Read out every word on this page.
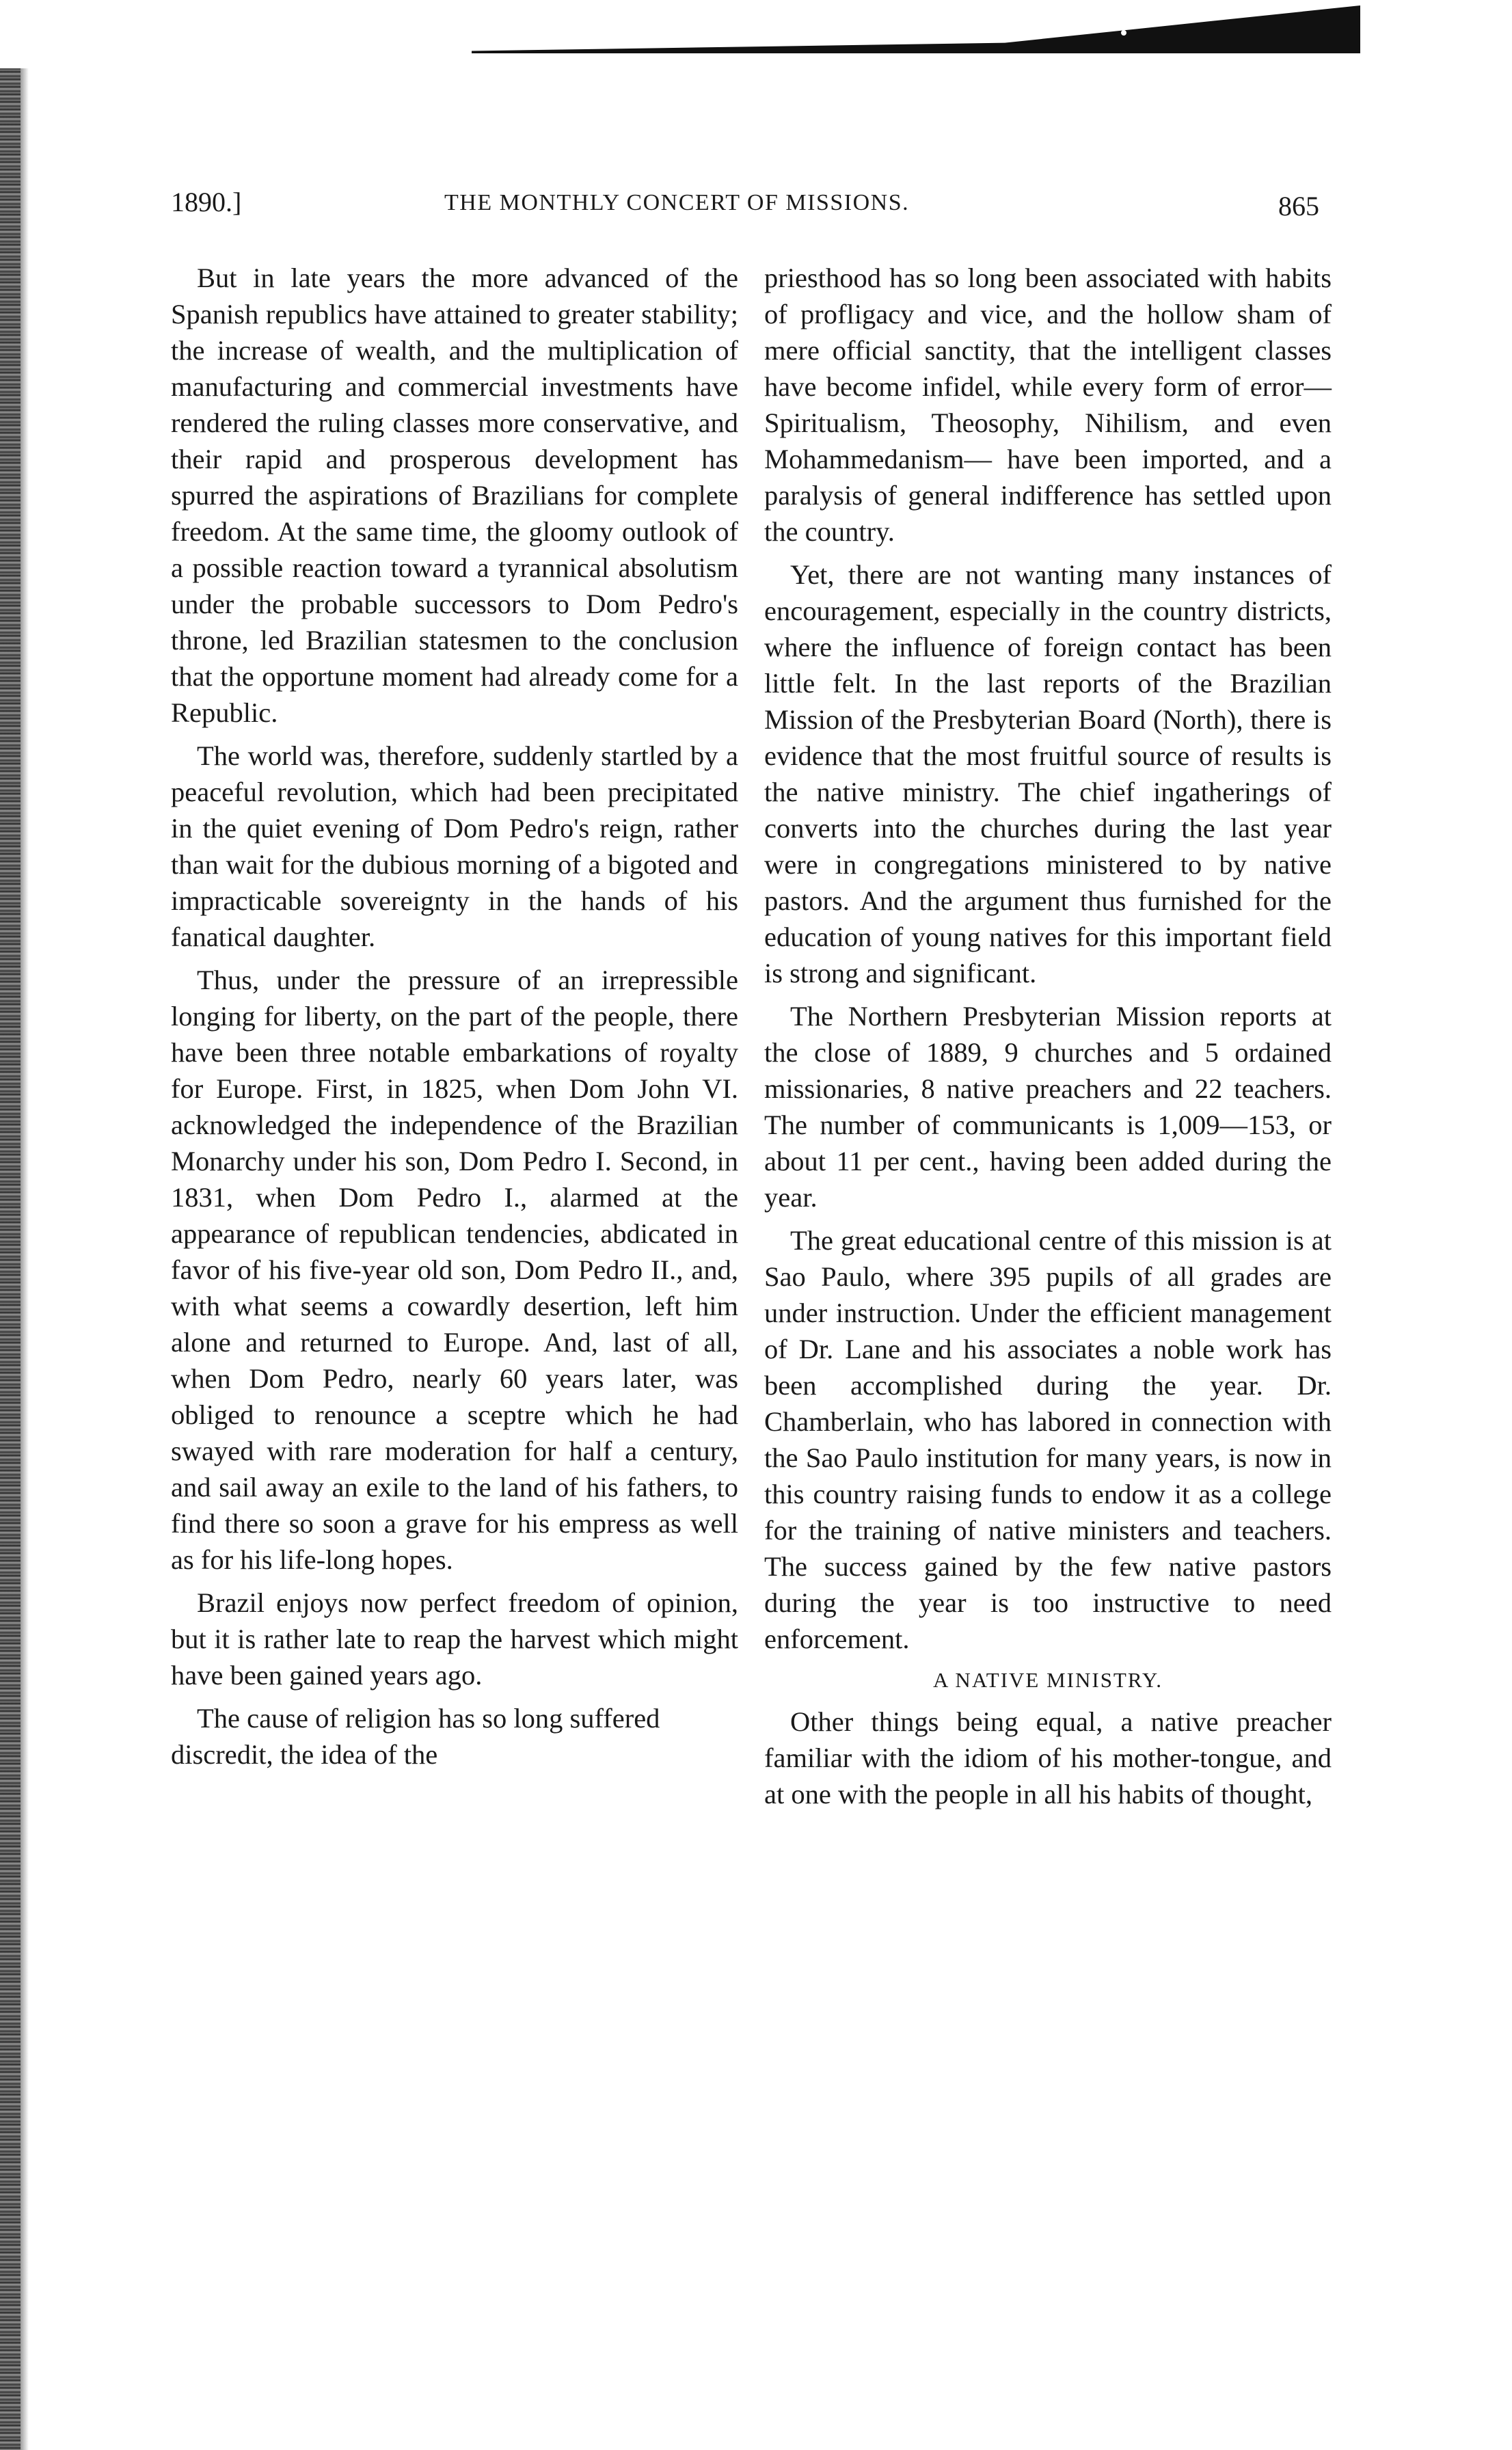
1890.]	THE MONTHLY CONCERT OF MISSIONS.	865

But in late years the more advanced of the Spanish republics have attained to greater stability; the increase of wealth, and the multiplication of manufacturing and commercial investments have rendered the ruling classes more conservative, and their rapid and prosperous development has spurred the aspirations of Brazilians for complete freedom. At the same time, the gloomy outlook of a possible reaction toward a tyrannical absolutism under the probable successors to Dom Pedro's throne, led Brazilian statesmen to the conclusion that the opportune moment had already come for a Republic.

The world was, therefore, suddenly startled by a peaceful revolution, which had been precipitated in the quiet evening of Dom Pedro's reign, rather than wait for the dubious morning of a bigoted and impracticable sovereignty in the hands of his fanatical daughter.

Thus, under the pressure of an irrepressible longing for liberty, on the part of the people, there have been three notable embarkations of royalty for Europe. First, in 1825, when Dom John VI. acknowledged the independence of the Brazilian Monarchy under his son, Dom Pedro I. Second, in 1831, when Dom Pedro I., alarmed at the appearance of republican tendencies, abdicated in favor of his five-year old son, Dom Pedro II., and, with what seems a cowardly desertion, left him alone and returned to Europe. And, last of all, when Dom Pedro, nearly 60 years later, was obliged to renounce a sceptre which he had swayed with rare moderation for half a century, and sail away an exile to the land of his fathers, to find there so soon a grave for his empress as well as for his life-long hopes.

Brazil enjoys now perfect freedom of opinion, but it is rather late to reap the harvest which might have been gained years ago.

The cause of religion has so long suffered discredit, the idea of the

priesthood has so long been associated with habits of profligacy and vice, and the hollow sham of mere official sanctity, that the intelligent classes have become infidel, while every form of error—Spiritualism, Theosophy, Nihilism, and even Mohammedanism— have been imported, and a paralysis of general indifference has settled upon the country.

Yet, there are not wanting many instances of encouragement, especially in the country districts, where the influence of foreign contact has been little felt. In the last reports of the Brazilian Mission of the Presbyterian Board (North), there is evidence that the most fruitful source of results is the native ministry. The chief ingatherings of converts into the churches during the last year were in congregations ministered to by native pastors. And the argument thus furnished for the education of young natives for this important field is strong and significant.

The Northern Presbyterian Mission reports at the close of 1889, 9 churches and 5 ordained missionaries, 8 native preachers and 22 teachers. The number of communicants is 1,009—153, or about 11 per cent., having been added during the year.

The great educational centre of this mission is at Sao Paulo, where 395 pupils of all grades are under instruction. Under the efficient management of Dr. Lane and his associates a noble work has been accomplished during the year. Dr. Chamberlain, who has labored in connection with the Sao Paulo institution for many years, is now in this country raising funds to endow it as a college for the training of native ministers and teachers. The success gained by the few native pastors during the year is too instructive to need enforcement.

A NATIVE MINISTRY.

Other things being equal, a native preacher familiar with the idiom of his mother-tongue, and at one with the people in all his habits of thought,
